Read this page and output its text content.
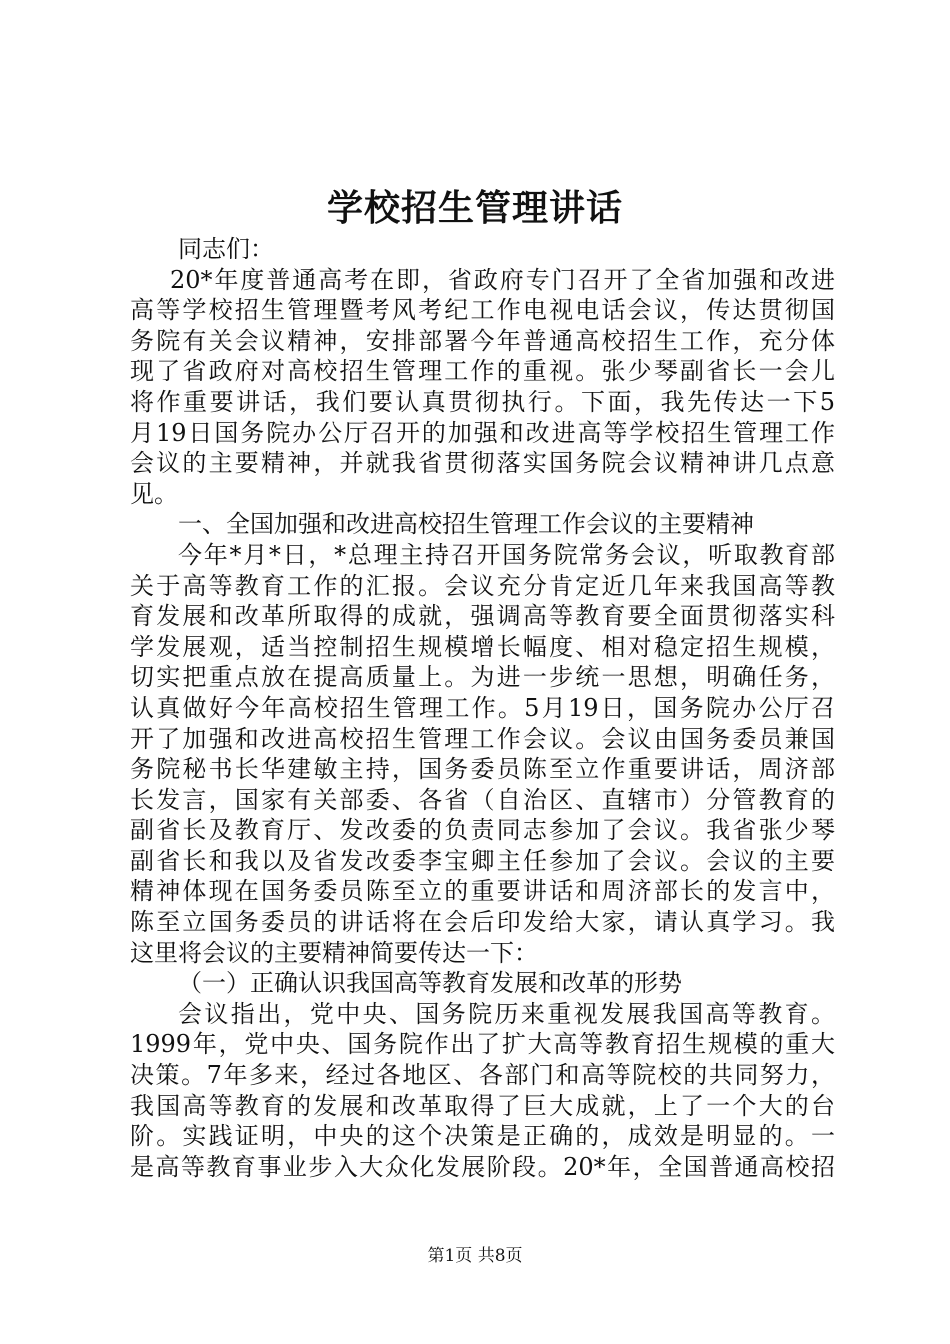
学校招生管理讲话
同志们：
20*年度普通高考在即，省政府专门召开了全省加强和改进
高等学校招生管理暨考风考纪工作电视电话会议，传达贯彻国
务院有关会议精神，安排部署今年普通高校招生工作，充分体
现了省政府对高校招生管理工作的重视。张少琴副省长一会儿
将作重要讲话，我们要认真贯彻执行。下面，我先传达一下5
月19日国务院办公厅召开的加强和改进高等学校招生管理工作
会议的主要精神，并就我省贯彻落实国务院会议精神讲几点意
见。
一、全国加强和改进高校招生管理工作会议的主要精神
今年*月*日，*总理主持召开国务院常务会议，听取教育部
关于高等教育工作的汇报。会议充分肯定近几年来我国高等教
育发展和改革所取得的成就，强调高等教育要全面贯彻落实科
学发展观，适当控制招生规模增长幅度、相对稳定招生规模，
切实把重点放在提高质量上。为进一步统一思想，明确任务，
认真做好今年高校招生管理工作。5月19日，国务院办公厅召
开了加强和改进高校招生管理工作会议。会议由国务委员兼国
务院秘书长华建敏主持，国务委员陈至立作重要讲话，周济部
长发言，国家有关部委、各省（自治区、直辖市）分管教育的
副省长及教育厅、发改委的负责同志参加了会议。我省张少琴
副省长和我以及省发改委李宝卿主任参加了会议。会议的主要
精神体现在国务委员陈至立的重要讲话和周济部长的发言中，
陈至立国务委员的讲话将在会后印发给大家，请认真学习。我
这里将会议的主要精神简要传达一下：
（一）正确认识我国高等教育发展和改革的形势
会议指出，党中央、国务院历来重视发展我国高等教育。
1999年，党中央、国务院作出了扩大高等教育招生规模的重大
决策。7年多来，经过各地区、各部门和高等院校的共同努力，
我国高等教育的发展和改革取得了巨大成就，上了一个大的台
阶。实践证明，中央的这个决策是正确的，成效是明显的。一
是高等教育事业步入大众化发展阶段。20*年，全国普通高校招
第1页 共8页
